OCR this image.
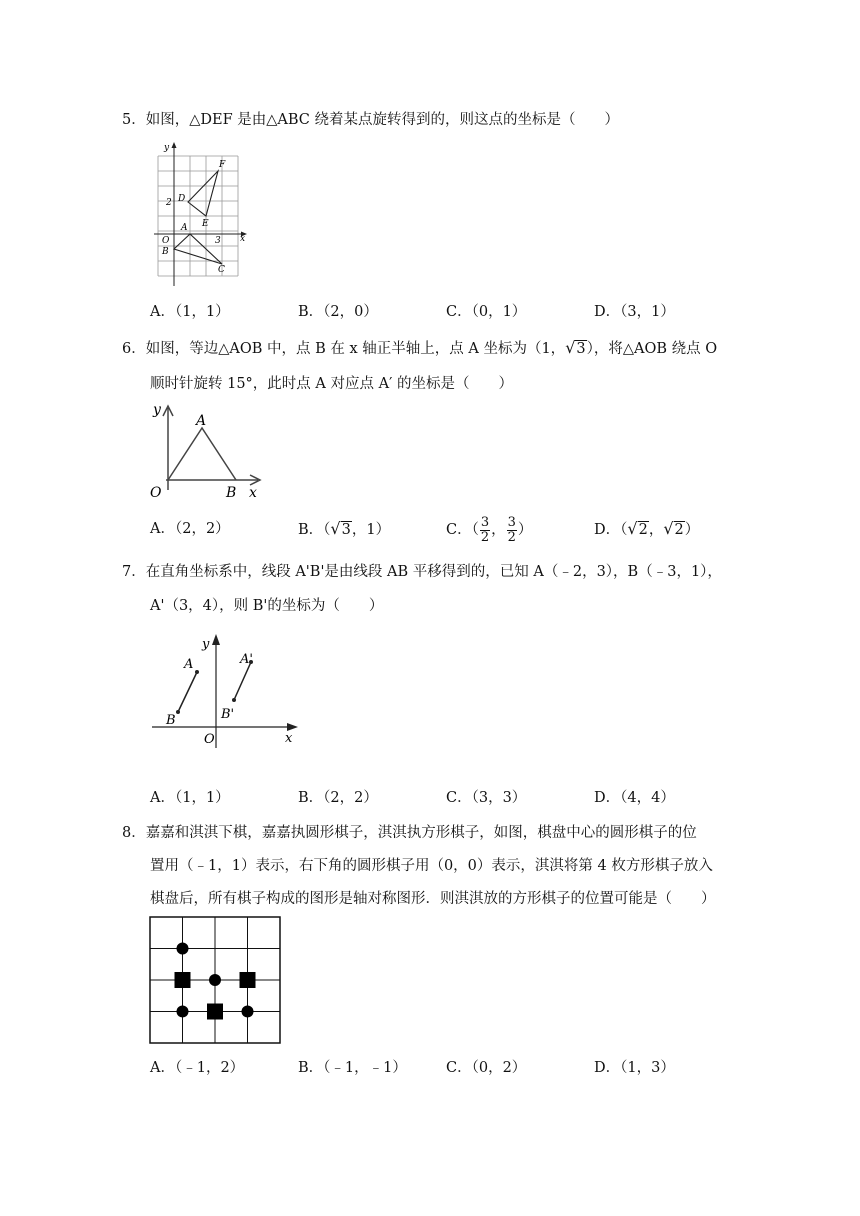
5．如图，△DEF 是由△ABC 绕着某点旋转得到的，则这点的坐标是（　　）
y
x
F
D
E
A
O
B
C
2
3
A．（1，1）	B．（2，0）	C．（0，1）	D．（3，1）
6．如图，等边△AOB 中，点 B 在 x 轴正半轴上，点 A 坐标为（1，√3），将△AOB 绕点 O
顺时针旋转 15°，此时点 A 对应点 A′ 的坐标是（　　）
y
A
O	B x
A．（2，2）	B．（√3，1）	C．（ $\frac{3}{2}$ ， $\frac{3}{2}$ ）	D．（√2，√2）
7．在直角坐标系中，线段 A'B'是由线段 AB 平移得到的，已知 A（﹣2，3），B（﹣3，1），
A'（3，4），则 B'的坐标为（　　）
y
A	A'
B	B'
O	x
A．（1，1）	B．（2，2）	C．（3，3）	D．（4，4）
8．嘉嘉和淇淇下棋，嘉嘉执圆形棋子，淇淇执方形棋子，如图，棋盘中心的圆形棋子的位
置用（﹣1，1）表示，右下角的圆形棋子用（0，0）表示，淇淇将第 4 枚方形棋子放入
棋盘后，所有棋子构成的图形是轴对称图形．则淇淇放的方形棋子的位置可能是（　　）
A．（﹣1，2）	B．（﹣1，﹣1）	C．（0，2）	D．（1，3）
